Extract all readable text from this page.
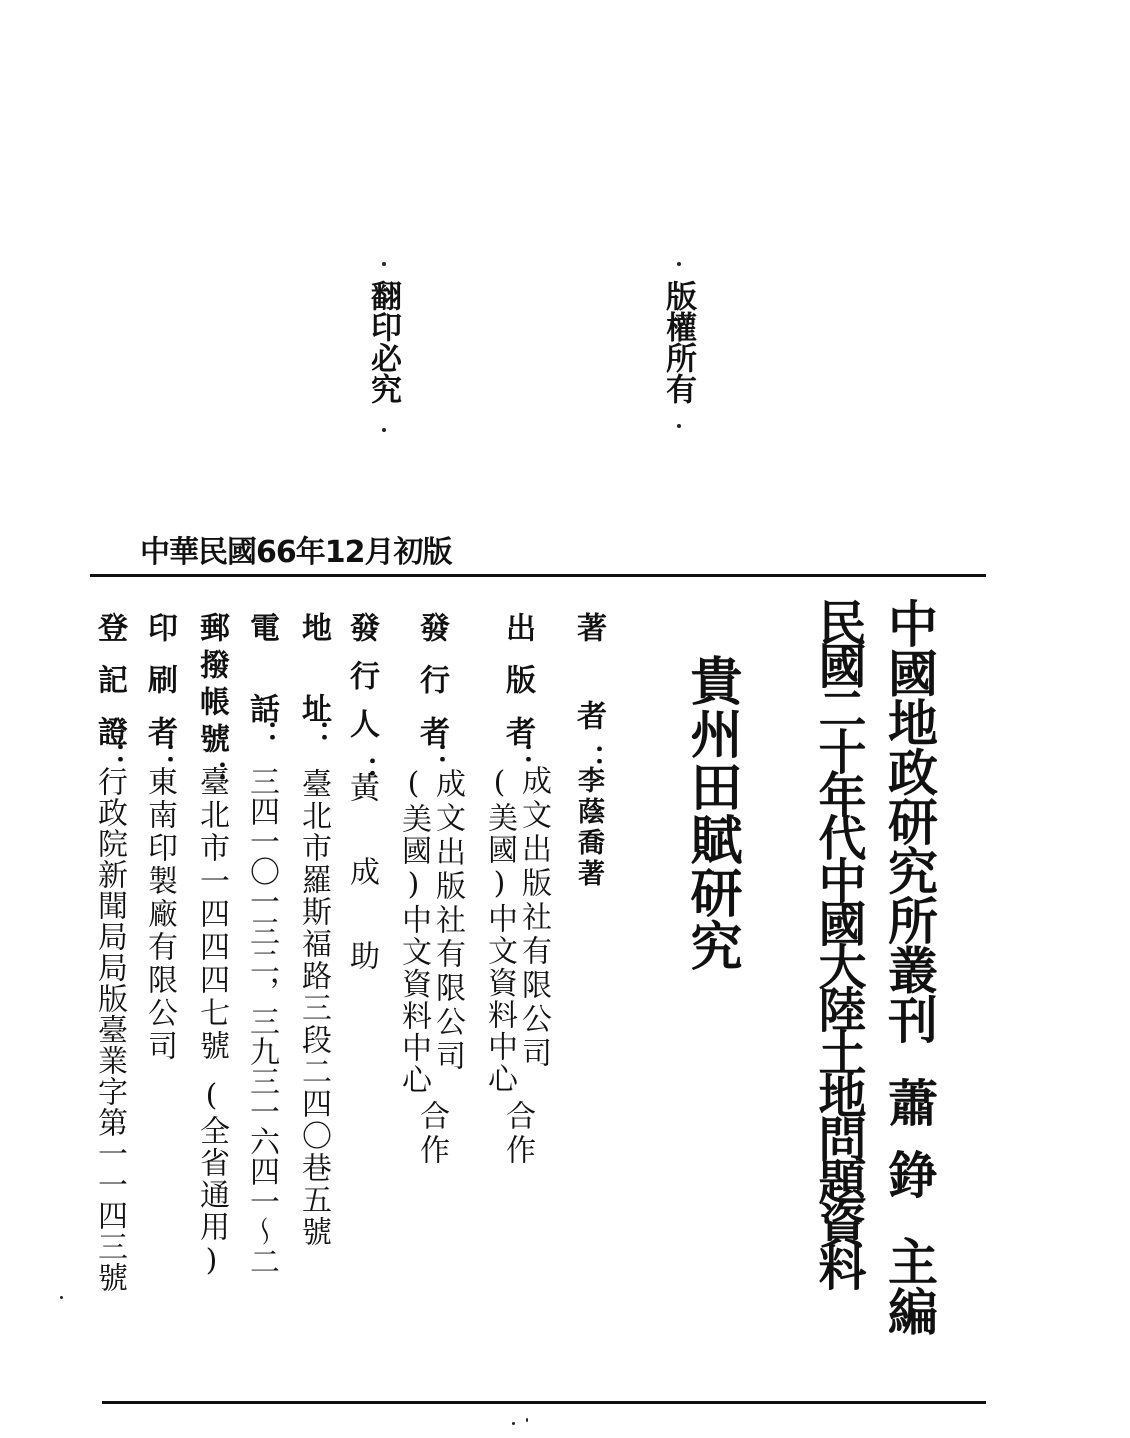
版權所有
翻印必究
中華民國66年12月初版
中國地政研究所叢刊
蕭錚
主編
民國二十年代中國大陸土地問題資料
貴州田賦研究
著　者：
李蔭喬著
出　版　者：
成文出版社有限公司
(美國)中文資料中心
合作
發　行　者：
成文出版社有限公司
(美國)中文資料中心
合作
發行人：
黃　成　助
地　　址：
臺北市羅斯福路三段二四〇巷五號
電　　話：
三四一〇一三二，三九三一六四一～二
郵撥帳號：
臺北市一四四四七號
(全省通用)
印　刷　者：
東南印製廠有限公司
登　記　證：
行政院新聞局局版臺業字第一一四三號
